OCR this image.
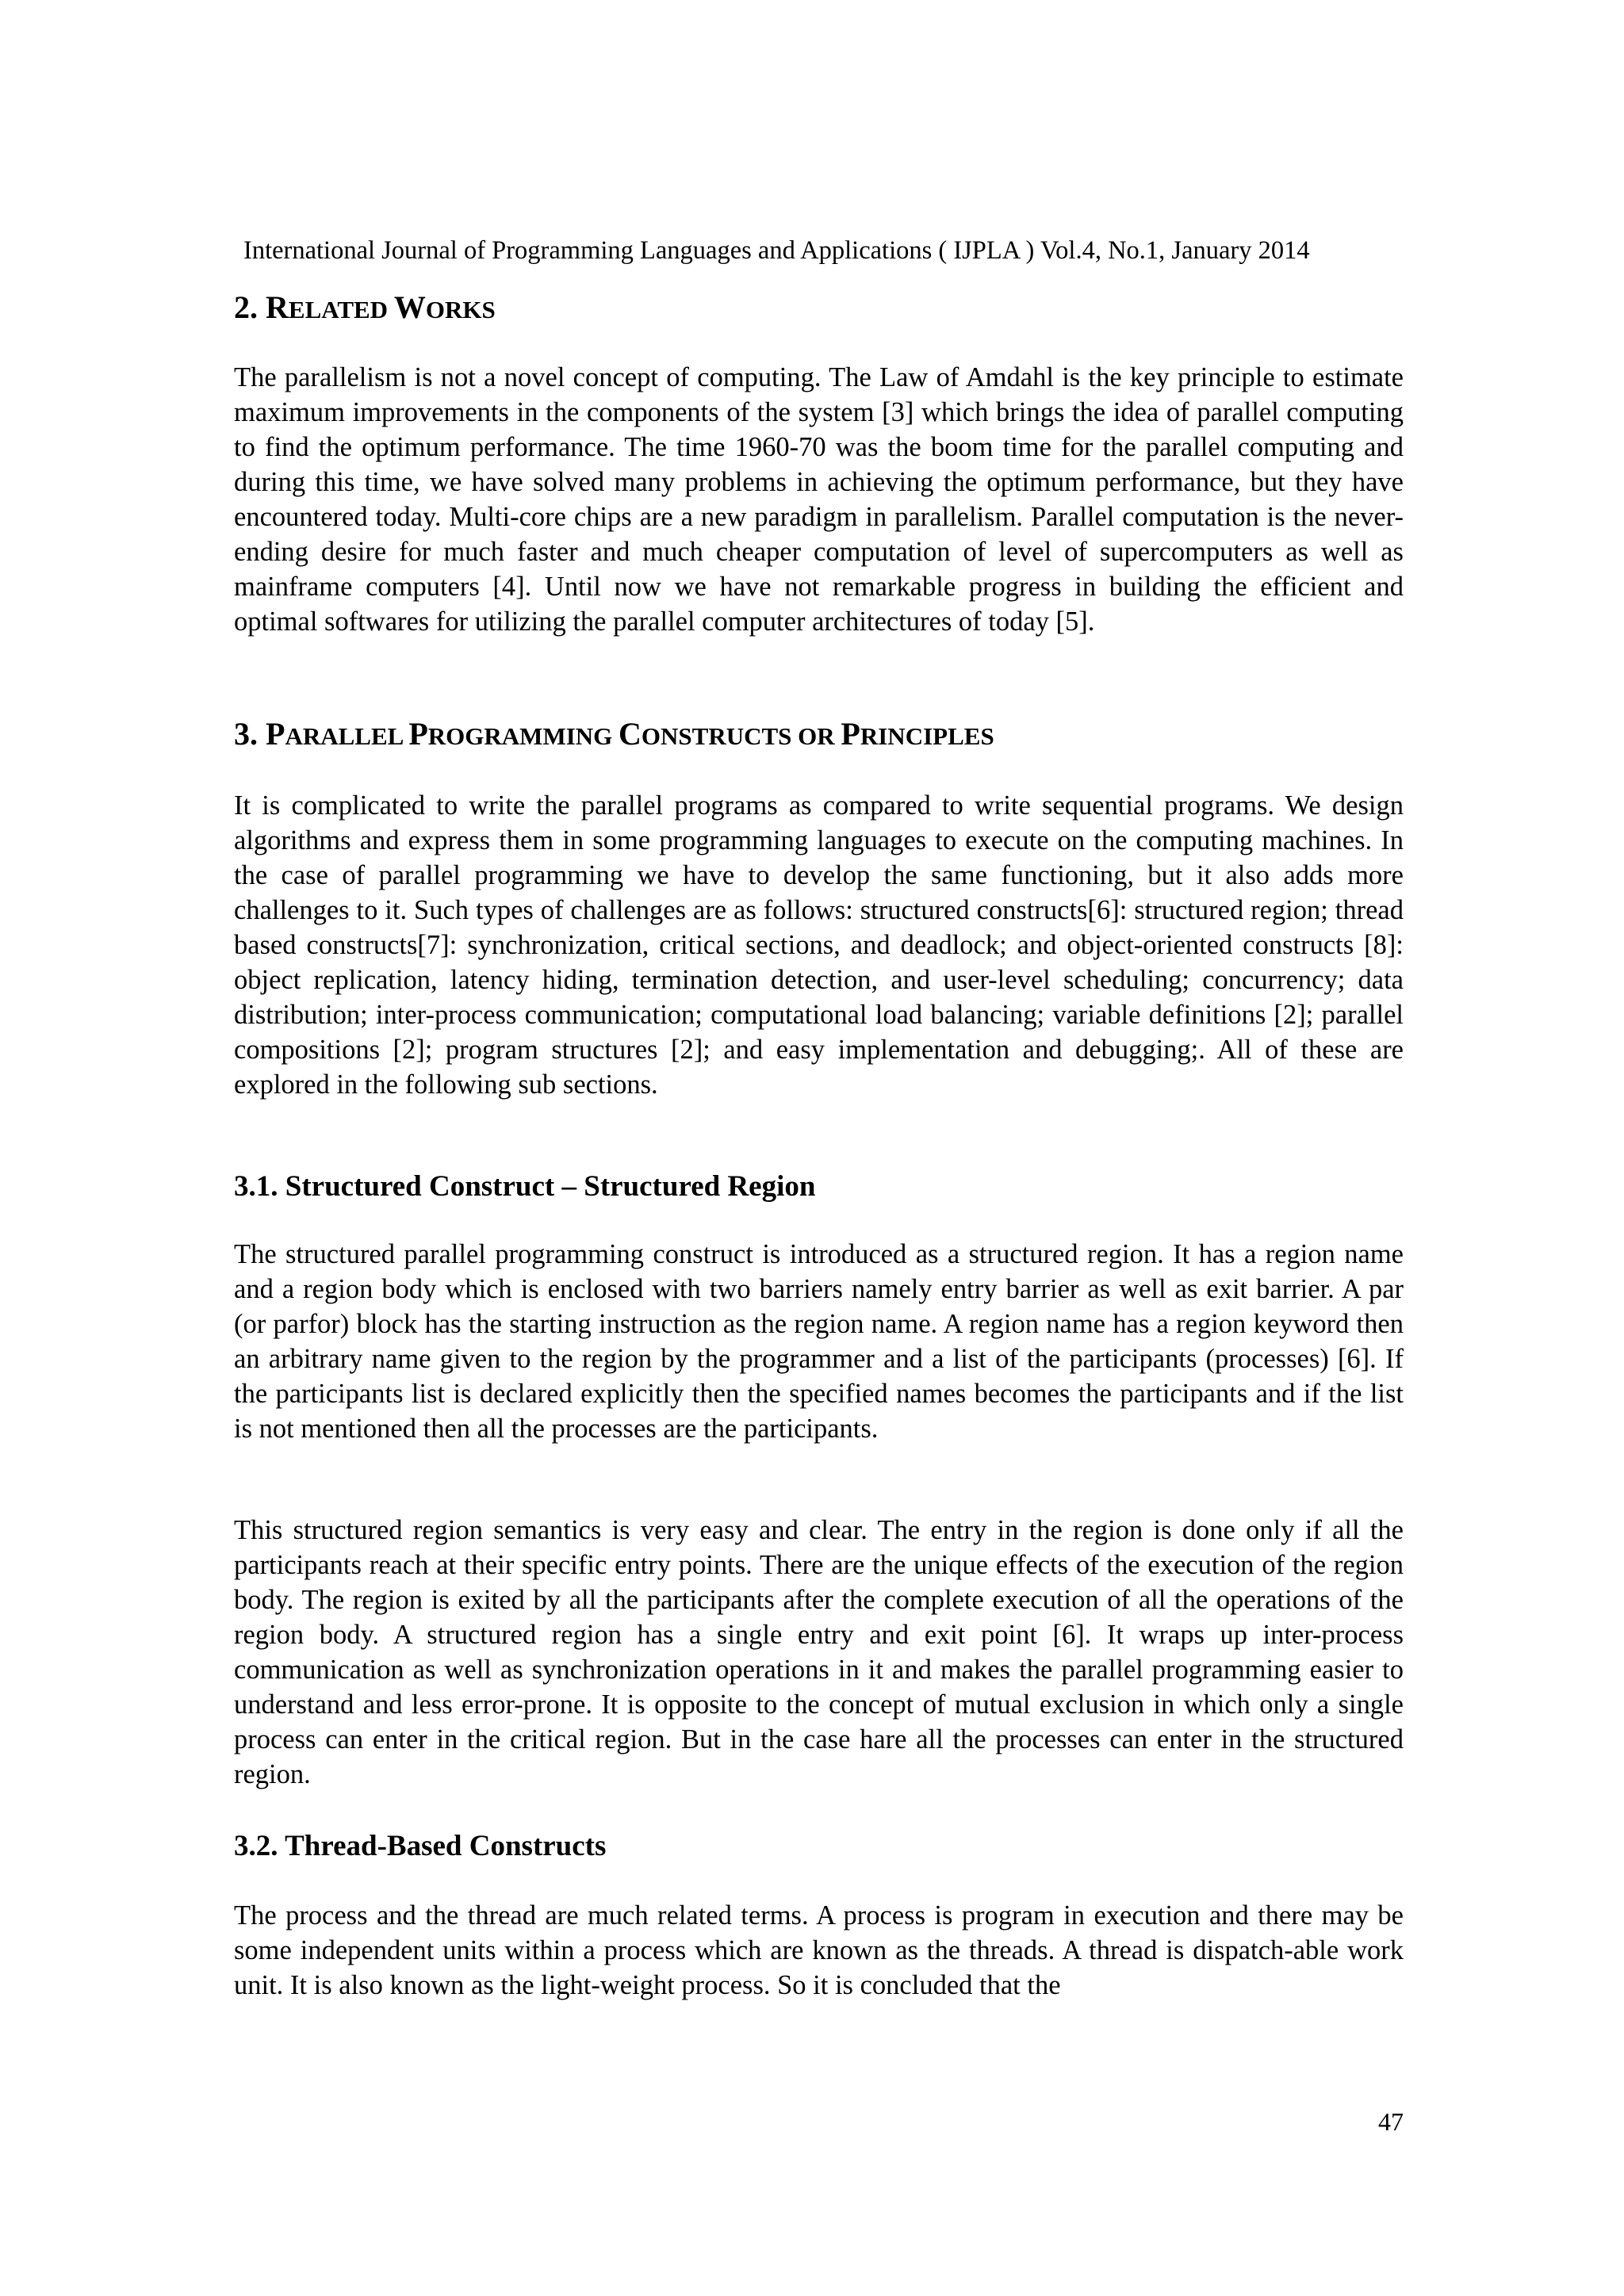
International Journal of Programming Languages and Applications ( IJPLA ) Vol.4, No.1, January 2014
2. RELATED WORKS

The parallelism is not a novel concept of computing. The Law of Amdahl is the key principle to estimate maximum improvements in the components of the system [3] which brings the idea of parallel computing to find the optimum performance. The time 1960-70 was the boom time for the parallel computing and during this time, we have solved many problems in achieving the optimum performance, but they have encountered today. Multi-core chips are a new paradigm in parallelism. Parallel computation is the never-ending desire for much faster and much cheaper computation of level of supercomputers as well as mainframe computers [4]. Until now we have not remarkable progress in building the efficient and optimal softwares for utilizing the parallel computer architectures of today [5].

3. PARALLEL PROGRAMMING CONSTRUCTS OR PRINCIPLES

It is complicated to write the parallel programs as compared to write sequential programs. We design algorithms and express them in some programming languages to execute on the computing machines. In the case of parallel programming we have to develop the same functioning, but it also adds more challenges to it. Such types of challenges are as follows: structured constructs[6]: structured region; thread based constructs[7]: synchronization, critical sections, and deadlock; and object-oriented constructs [8]: object replication, latency hiding, termination detection, and user-level scheduling; concurrency; data distribution; inter-process communication; computational load balancing; variable definitions [2]; parallel compositions [2]; program structures [2]; and easy implementation and debugging;. All of these are explored in the following sub sections.

3.1. Structured Construct – Structured Region

The structured parallel programming construct is introduced as a structured region. It has a region name and a region body which is enclosed with two barriers namely entry barrier as well as exit barrier. A par (or parfor) block has the starting instruction as the region name. A region name has a region keyword then an arbitrary name given to the region by the programmer and a list of the participants (processes) [6]. If the participants list is declared explicitly then the specified names becomes the participants and if the list is not mentioned then all the processes are the participants.

This structured region semantics is very easy and clear. The entry in the region is done only if all the participants reach at their specific entry points. There are the unique effects of the execution of the region body. The region is exited by all the participants after the complete execution of all the operations of the region body. A structured region has a single entry and exit point [6]. It wraps up inter-process communication as well as synchronization operations in it and makes the parallel programming easier to understand and less error-prone. It is opposite to the concept of mutual exclusion in which only a single process can enter in the critical region. But in the case hare all the processes can enter in the structured region.

3.2. Thread-Based Constructs

The process and the thread are much related terms. A process is program in execution and there may be some independent units within a process which are known as the threads. A thread is dispatch-able work unit. It is also known as the light-weight process. So it is concluded that the

47
